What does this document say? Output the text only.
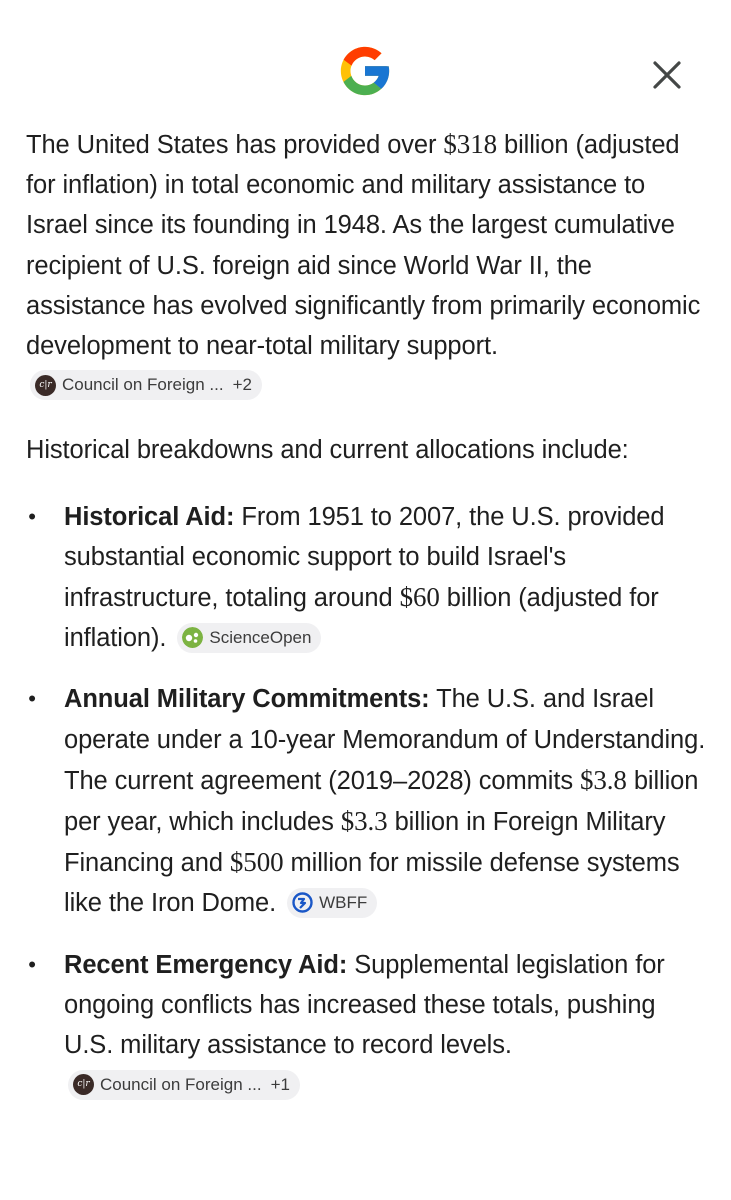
The United States has provided over $318 billion (adjusted for inflation) in total economic and military assistance to Israel since its founding in 1948. As the largest cumulative recipient of U.S. foreign aid since World War II, the assistance has evolved significantly from primarily economic development to near-total military support.
c|r
Council on Foreign ... +2

Historical breakdowns and current allocations include:

• Historical Aid: From 1951 to 2007, the U.S. provided substantial economic support to build Israel's infrastructure, totaling around $60 billion (adjusted for inflation).	ScienceOpen
• Annual Military Commitments: The U.S. and Israel operate under a 10-year Memorandum of Understanding. The current agreement (2019–2028) commits $3.8 billion per year, which includes $3.3 billion in Foreign Military Financing and $500 million for missile defense systems like the Iron Dome.	WBFF
• Recent Emergency Aid: Supplemental legislation for ongoing conflicts has increased these totals, pushing U.S. military assistance to record levels.
c|r
Council on Foreign ... +1
